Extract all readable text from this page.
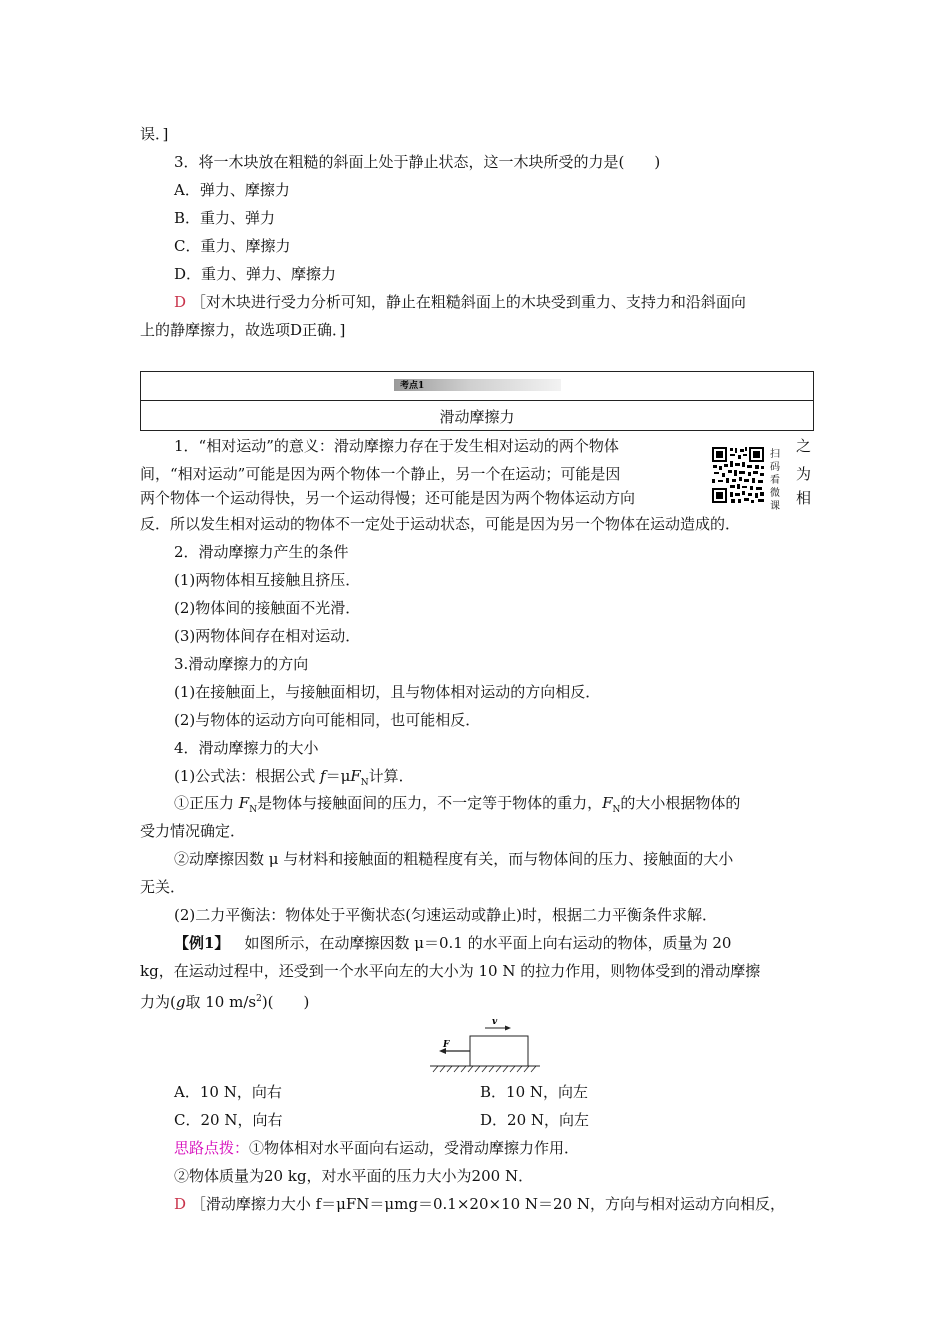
误．]
3．将一木块放在粗糙的斜面上处于静止状态，这一木块所受的力是(　　)
A．弹力、摩擦力
B．重力、弹力
C．重力、摩擦力
D．重力、弹力、摩擦力
D ［对木块进行受力分析可知，静止在粗糙斜面上的木块受到重力、支持力和沿斜面向
上的静摩擦力，故选项D正确．]
考点1
滑动摩擦力
扫
码
看
微
课
1．“相对运动”的意义：滑动摩擦力存在于发生相对运动的两个物体	之
间，“相对运动”可能是因为两个物体一个静止，另一个在运动；可能是因	为
两个物体一个运动得快，另一个运动得慢；还可能是因为两个物体运动方向	相
反．所以发生相对运动的物体不一定处于运动状态，可能是因为另一个物体在运动造成的．
2．滑动摩擦力产生的条件
(1)两物体相互接触且挤压．
(2)物体间的接触面不光滑．
(3)两物体间存在相对运动．
3.滑动摩擦力的方向
(1)在接触面上，与接触面相切，且与物体相对运动的方向相反．
(2)与物体的运动方向可能相同，也可能相反．
4．滑动摩擦力的大小
(1)公式法：根据公式 $f=\mu F_N$计算．
①正压力 $F_N$是物体与接触面间的压力，不一定等于物体的重力，$F_N$的大小根据物体的
受力情况确定．
②动摩擦因数 μ 与材料和接触面的粗糙程度有关，而与物体间的压力、接触面的大小
无关．
(2)二力平衡法：物体处于平衡状态(匀速运动或静止)时，根据二力平衡条件求解．
【例1】  如图所示，在动摩擦因数 μ＝0.1 的水平面上向右运动的物体，质量为 20
kg，在运动过程中，还受到一个水平向左的大小为 10 N 的拉力作用，则物体受到的滑动摩擦
力为(g取 10 $m/s^2$)(　　)
F
v
A．10 N，向右	B．10 N，向左
C．20 N，向右	D．20 N，向左
思路点拨：①物体相对水平面向右运动，受滑动摩擦力作用．
②物体质量为20 kg，对水平面的压力大小为200 N．
D ［滑动摩擦力大小 f＝μFN＝μmg＝0.1×20×10 N＝20 N，方向与相对运动方向相反，
